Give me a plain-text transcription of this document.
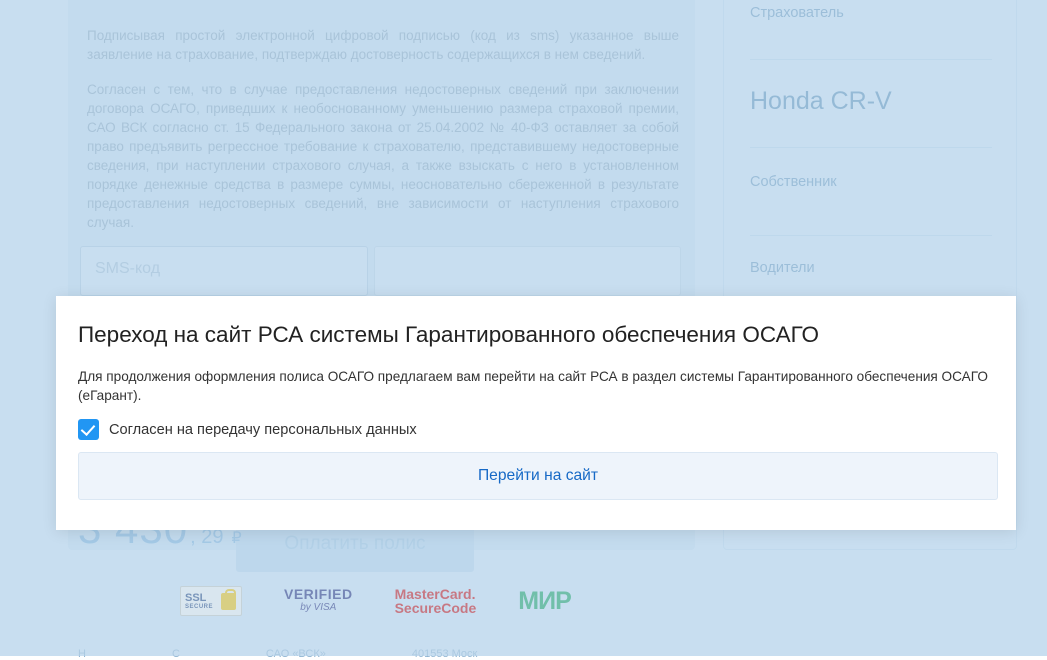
Переход на сайт РСА системы Гарантированного обеспечения ОСАГО
Для продолжения оформления полиса ОСАГО предлагаем вам перейти на сайт РСА в раздел системы Гарантированного обеспечения ОСАГО (еГарант).
Согласен на передачу персональных данных
Перейти на сайт
